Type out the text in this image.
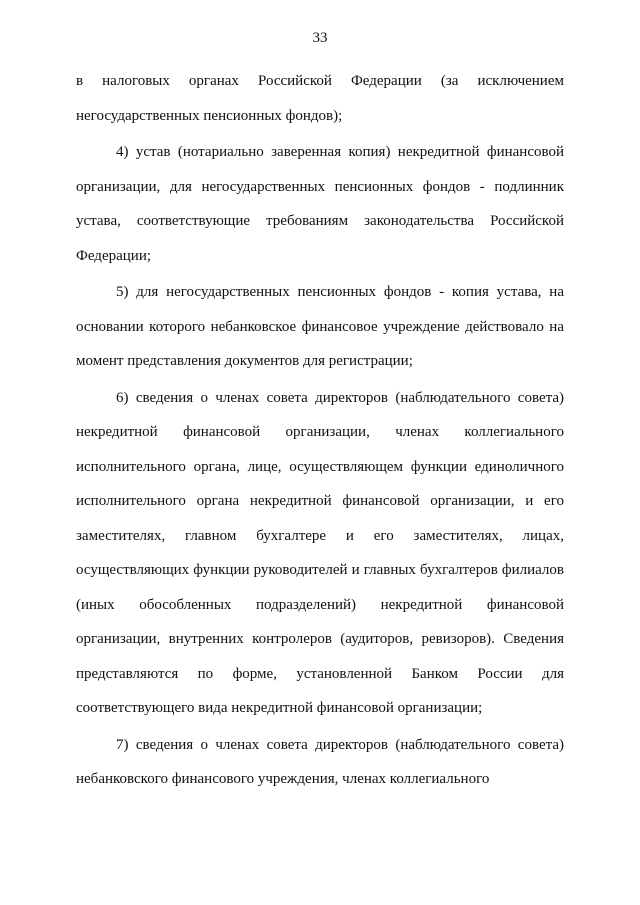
33

в налоговых органах Российской Федерации (за исключением негосударственных пенсионных фондов);

4) устав (нотариально заверенная копия) некредитной финансовой организации, для негосударственных пенсионных фондов - подлинник устава, соответствующие требованиям законодательства Российской Федерации;

5) для негосударственных пенсионных фондов - копия устава, на основании которого небанковское финансовое учреждение действовало на момент представления документов для регистрации;

6) сведения о членах совета директоров (наблюдательного совета) некредитной финансовой организации, членах коллегиального исполнительного органа, лице, осуществляющем функции единоличного исполнительного органа некредитной финансовой организации, и его заместителях, главном бухгалтере и его заместителях, лицах, осуществляющих функции руководителей и главных бухгалтеров филиалов (иных обособленных подразделений) некредитной финансовой организации, внутренних контролеров (аудиторов, ревизоров). Сведения представляются по форме, установленной Банком России для соответствующего вида некредитной финансовой организации;

7) сведения о членах совета директоров (наблюдательного совета) небанковского финансового учреждения, членах коллегиального
